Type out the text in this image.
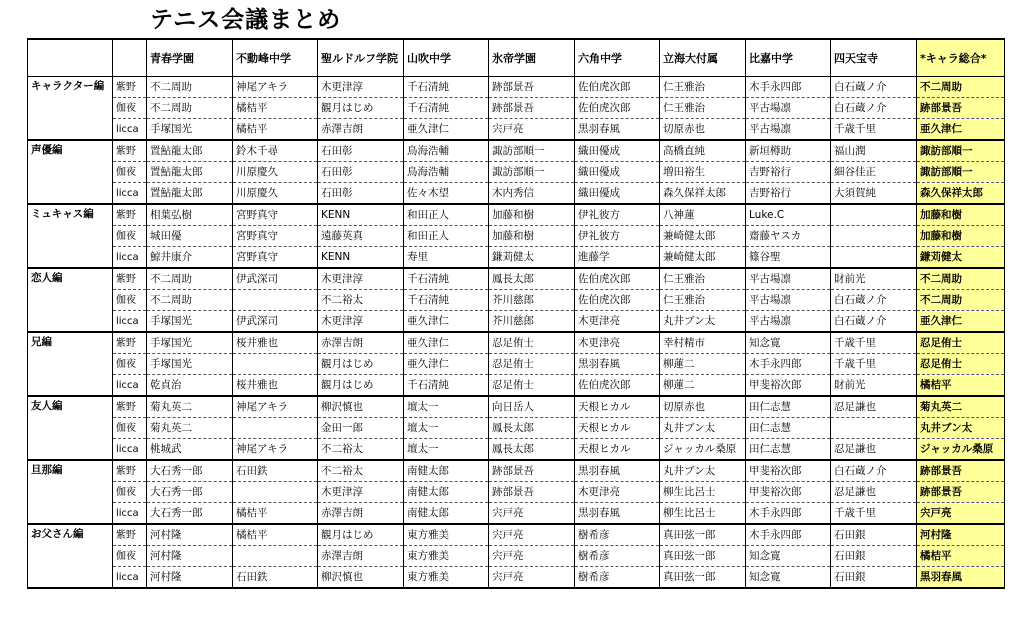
テニス会議まとめ
		青春学園	不動峰中学	聖ルドルフ学院	山吹中学	氷帝学園	六角中学	立海大付属	比嘉中学	四天宝寺	*キャラ総合*
キャラクター編	紫野	不二周助	神尾アキラ	木更津淳	千石清純	跡部景吾	佐伯虎次郎	仁王雅治	木手永四郎	白石蔵ノ介	不二周助
	伽夜	不二周助	橘桔平	観月はじめ	千石清純	跡部景吾	佐伯虎次郎	仁王雅治	平古場凛	白石蔵ノ介	跡部景吾
	licca	手塚国光	橘桔平	赤澤吉朗	亜久津仁	宍戸亮	黒羽春風	切原赤也	平古場凛	千歳千里	亜久津仁
声優編	紫野	置鮎龍太郎	鈴木千尋	石田彰	鳥海浩輔	諏訪部順一	織田優成	高橋直純	新垣樽助	福山潤	諏訪部順一
	伽夜	置鮎龍太郎	川原慶久	石田彰	鳥海浩輔	諏訪部順一	織田優成	増田裕生	吉野裕行	細谷佳正	諏訪部順一
	licca	置鮎龍太郎	川原慶久	石田彰	佐々木望	木内秀信	織田優成	森久保祥太郎	吉野裕行	大須賀純	森久保祥太郎
ミュキャス編	紫野	相葉弘樹	宮野真守	KENN	和田正人	加藤和樹	伊礼彼方	八神蓮	Luke.C		加藤和樹
	伽夜	城田優	宮野真守	遠藤英真	和田正人	加藤和樹	伊礼彼方	兼崎健太郎	齋藤ヤスカ		加藤和樹
	licca	鯨井康介	宮野真守	KENN	寿里	鎌苅健太	進藤学	兼崎健太郎	篠谷聖		鎌苅健太
恋人編	紫野	不二周助	伊武深司	木更津淳	千石清純	鳳長太郎	佐伯虎次郎	仁王雅治	平古場凛	財前光	不二周助
	伽夜	不二周助		不二裕太	千石清純	芥川慈郎	佐伯虎次郎	仁王雅治	平古場凛	白石蔵ノ介	不二周助
	licca	手塚国光	伊武深司	木更津淳	亜久津仁	芥川慈郎	木更津亮	丸井ブン太	平古場凛	白石蔵ノ介	亜久津仁
兄編	紫野	手塚国光	桜井雅也	赤澤吉朗	亜久津仁	忍足侑士	木更津亮	幸村精市	知念寛	千歳千里	忍足侑士
	伽夜	手塚国光		観月はじめ	亜久津仁	忍足侑士	黒羽春風	柳蓮二	木手永四郎	千歳千里	忍足侑士
	licca	乾貞治	桜井雅也	観月はじめ	千石清純	忍足侑士	佐伯虎次郎	柳蓮二	甲斐裕次郎	財前光	橘桔平
友人編	紫野	菊丸英二	神尾アキラ	柳沢慎也	壇太一	向日岳人	天根ヒカル	切原赤也	田仁志慧	忍足謙也	菊丸英二
	伽夜	菊丸英二		金田一郎	壇太一	鳳長太郎	天根ヒカル	丸井ブン太	田仁志慧		丸井ブン太
	licca	桃城武	神尾アキラ	不二裕太	壇太一	鳳長太郎	天根ヒカル	ジャッカル桑原	田仁志慧	忍足謙也	ジャッカル桑原
旦那編	紫野	大石秀一郎	石田鉄	不二裕太	南健太郎	跡部景吾	黒羽春風	丸井ブン太	甲斐裕次郎	白石蔵ノ介	跡部景吾
	伽夜	大石秀一郎		木更津淳	南健太郎	跡部景吾	木更津亮	柳生比呂士	甲斐裕次郎	忍足謙也	跡部景吾
	licca	大石秀一郎	橘桔平	赤澤吉朗	南健太郎	宍戸亮	黒羽春風	柳生比呂士	木手永四郎	千歳千里	宍戸亮
お父さん編	紫野	河村隆	橘桔平	観月はじめ	東方雅美	宍戸亮	樹希彦	真田弦一郎	木手永四郎	石田銀	河村隆
	伽夜	河村隆		赤澤吉朗	東方雅美	宍戸亮	樹希彦	真田弦一郎	知念寛	石田銀	橘桔平
	licca	河村隆	石田鉄	柳沢慎也	東方雅美	宍戸亮	樹希彦	真田弦一郎	知念寛	石田銀	黒羽春風
